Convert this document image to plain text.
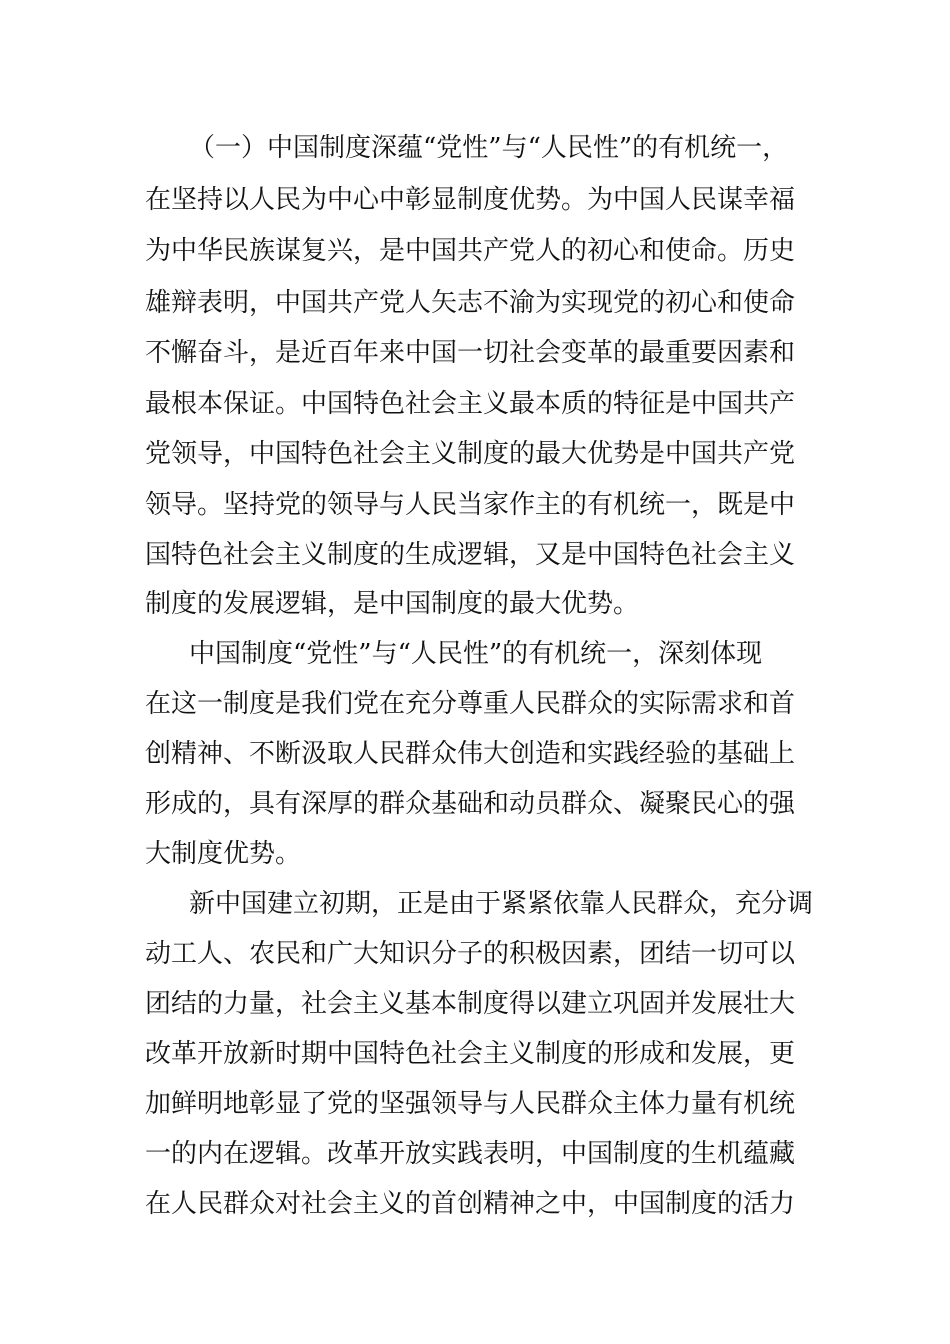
（一）中国制度深蕴“党性”与“人民性”的有机统一，
在坚持以人民为中心中彰显制度优势。为中国人民谋幸福
为中华民族谋复兴，是中国共产党人的初心和使命。历史
雄辩表明，中国共产党人矢志不渝为实现党的初心和使命
不懈奋斗，是近百年来中国一切社会变革的最重要因素和
最根本保证。中国特色社会主义最本质的特征是中国共产
党领导，中国特色社会主义制度的最大优势是中国共产党
领导。坚持党的领导与人民当家作主的有机统一，既是中
国特色社会主义制度的生成逻辑，又是中国特色社会主义
制度的发展逻辑，是中国制度的最大优势。
中国制度“党性”与“人民性”的有机统一，深刻体现
在这一制度是我们党在充分尊重人民群众的实际需求和首
创精神、不断汲取人民群众伟大创造和实践经验的基础上
形成的，具有深厚的群众基础和动员群众、凝聚民心的强
大制度优势。
新中国建立初期，正是由于紧紧依靠人民群众，充分调
动工人、农民和广大知识分子的积极因素，团结一切可以
团结的力量，社会主义基本制度得以建立巩固并发展壮大
改革开放新时期中国特色社会主义制度的形成和发展，更
加鲜明地彰显了党的坚强领导与人民群众主体力量有机统
一的内在逻辑。改革开放实践表明，中国制度的生机蕴藏
在人民群众对社会主义的首创精神之中，中国制度的活力
